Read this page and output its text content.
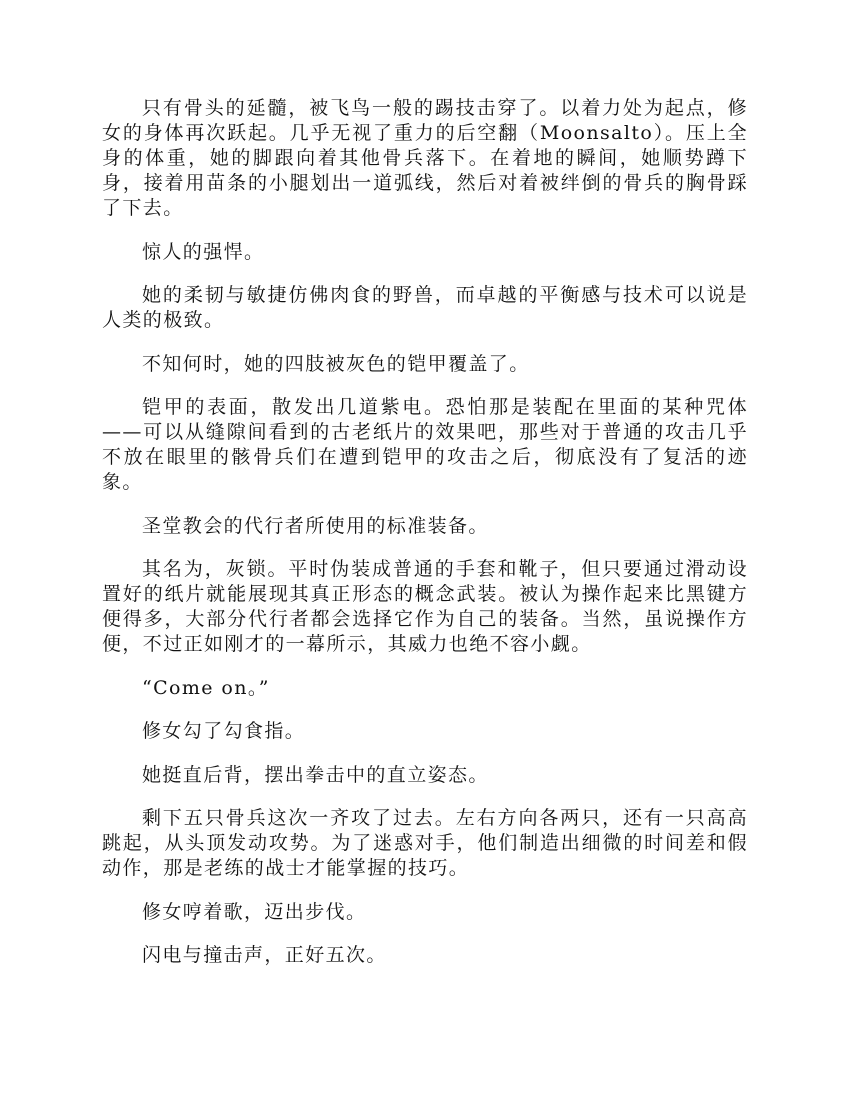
只有骨头的延髓，被飞鸟一般的踢技击穿了。以着力处为起点，修女的身体再次跃起。几乎无视了重力的后空翻（Moonsalto）。压上全身的体重，她的脚跟向着其他骨兵落下。在着地的瞬间，她顺势蹲下身，接着用苗条的小腿划出一道弧线，然后对着被绊倒的骨兵的胸骨踩了下去。

惊人的强悍。

她的柔韧与敏捷仿佛肉食的野兽，而卓越的平衡感与技术可以说是人类的极致。

不知何时，她的四肢被灰色的铠甲覆盖了。

铠甲的表面，散发出几道紫电。恐怕那是装配在里面的某种咒体——可以从缝隙间看到的古老纸片的效果吧，那些对于普通的攻击几乎不放在眼里的骸骨兵们在遭到铠甲的攻击之后，彻底没有了复活的迹象。

圣堂教会的代行者所使用的标准装备。

其名为，灰锁。平时伪装成普通的手套和靴子，但只要通过滑动设置好的纸片就能展现其真正形态的概念武装。被认为操作起来比黑键方便得多，大部分代行者都会选择它作为自己的装备。当然，虽说操作方便，不过正如刚才的一幕所示，其威力也绝不容小觑。

“Come on。”

修女勾了勾食指。

她挺直后背，摆出拳击中的直立姿态。

剩下五只骨兵这次一齐攻了过去。左右方向各两只，还有一只高高跳起，从头顶发动攻势。为了迷惑对手，他们制造出细微的时间差和假动作，那是老练的战士才能掌握的技巧。

修女哼着歌，迈出步伐。

闪电与撞击声，正好五次。
